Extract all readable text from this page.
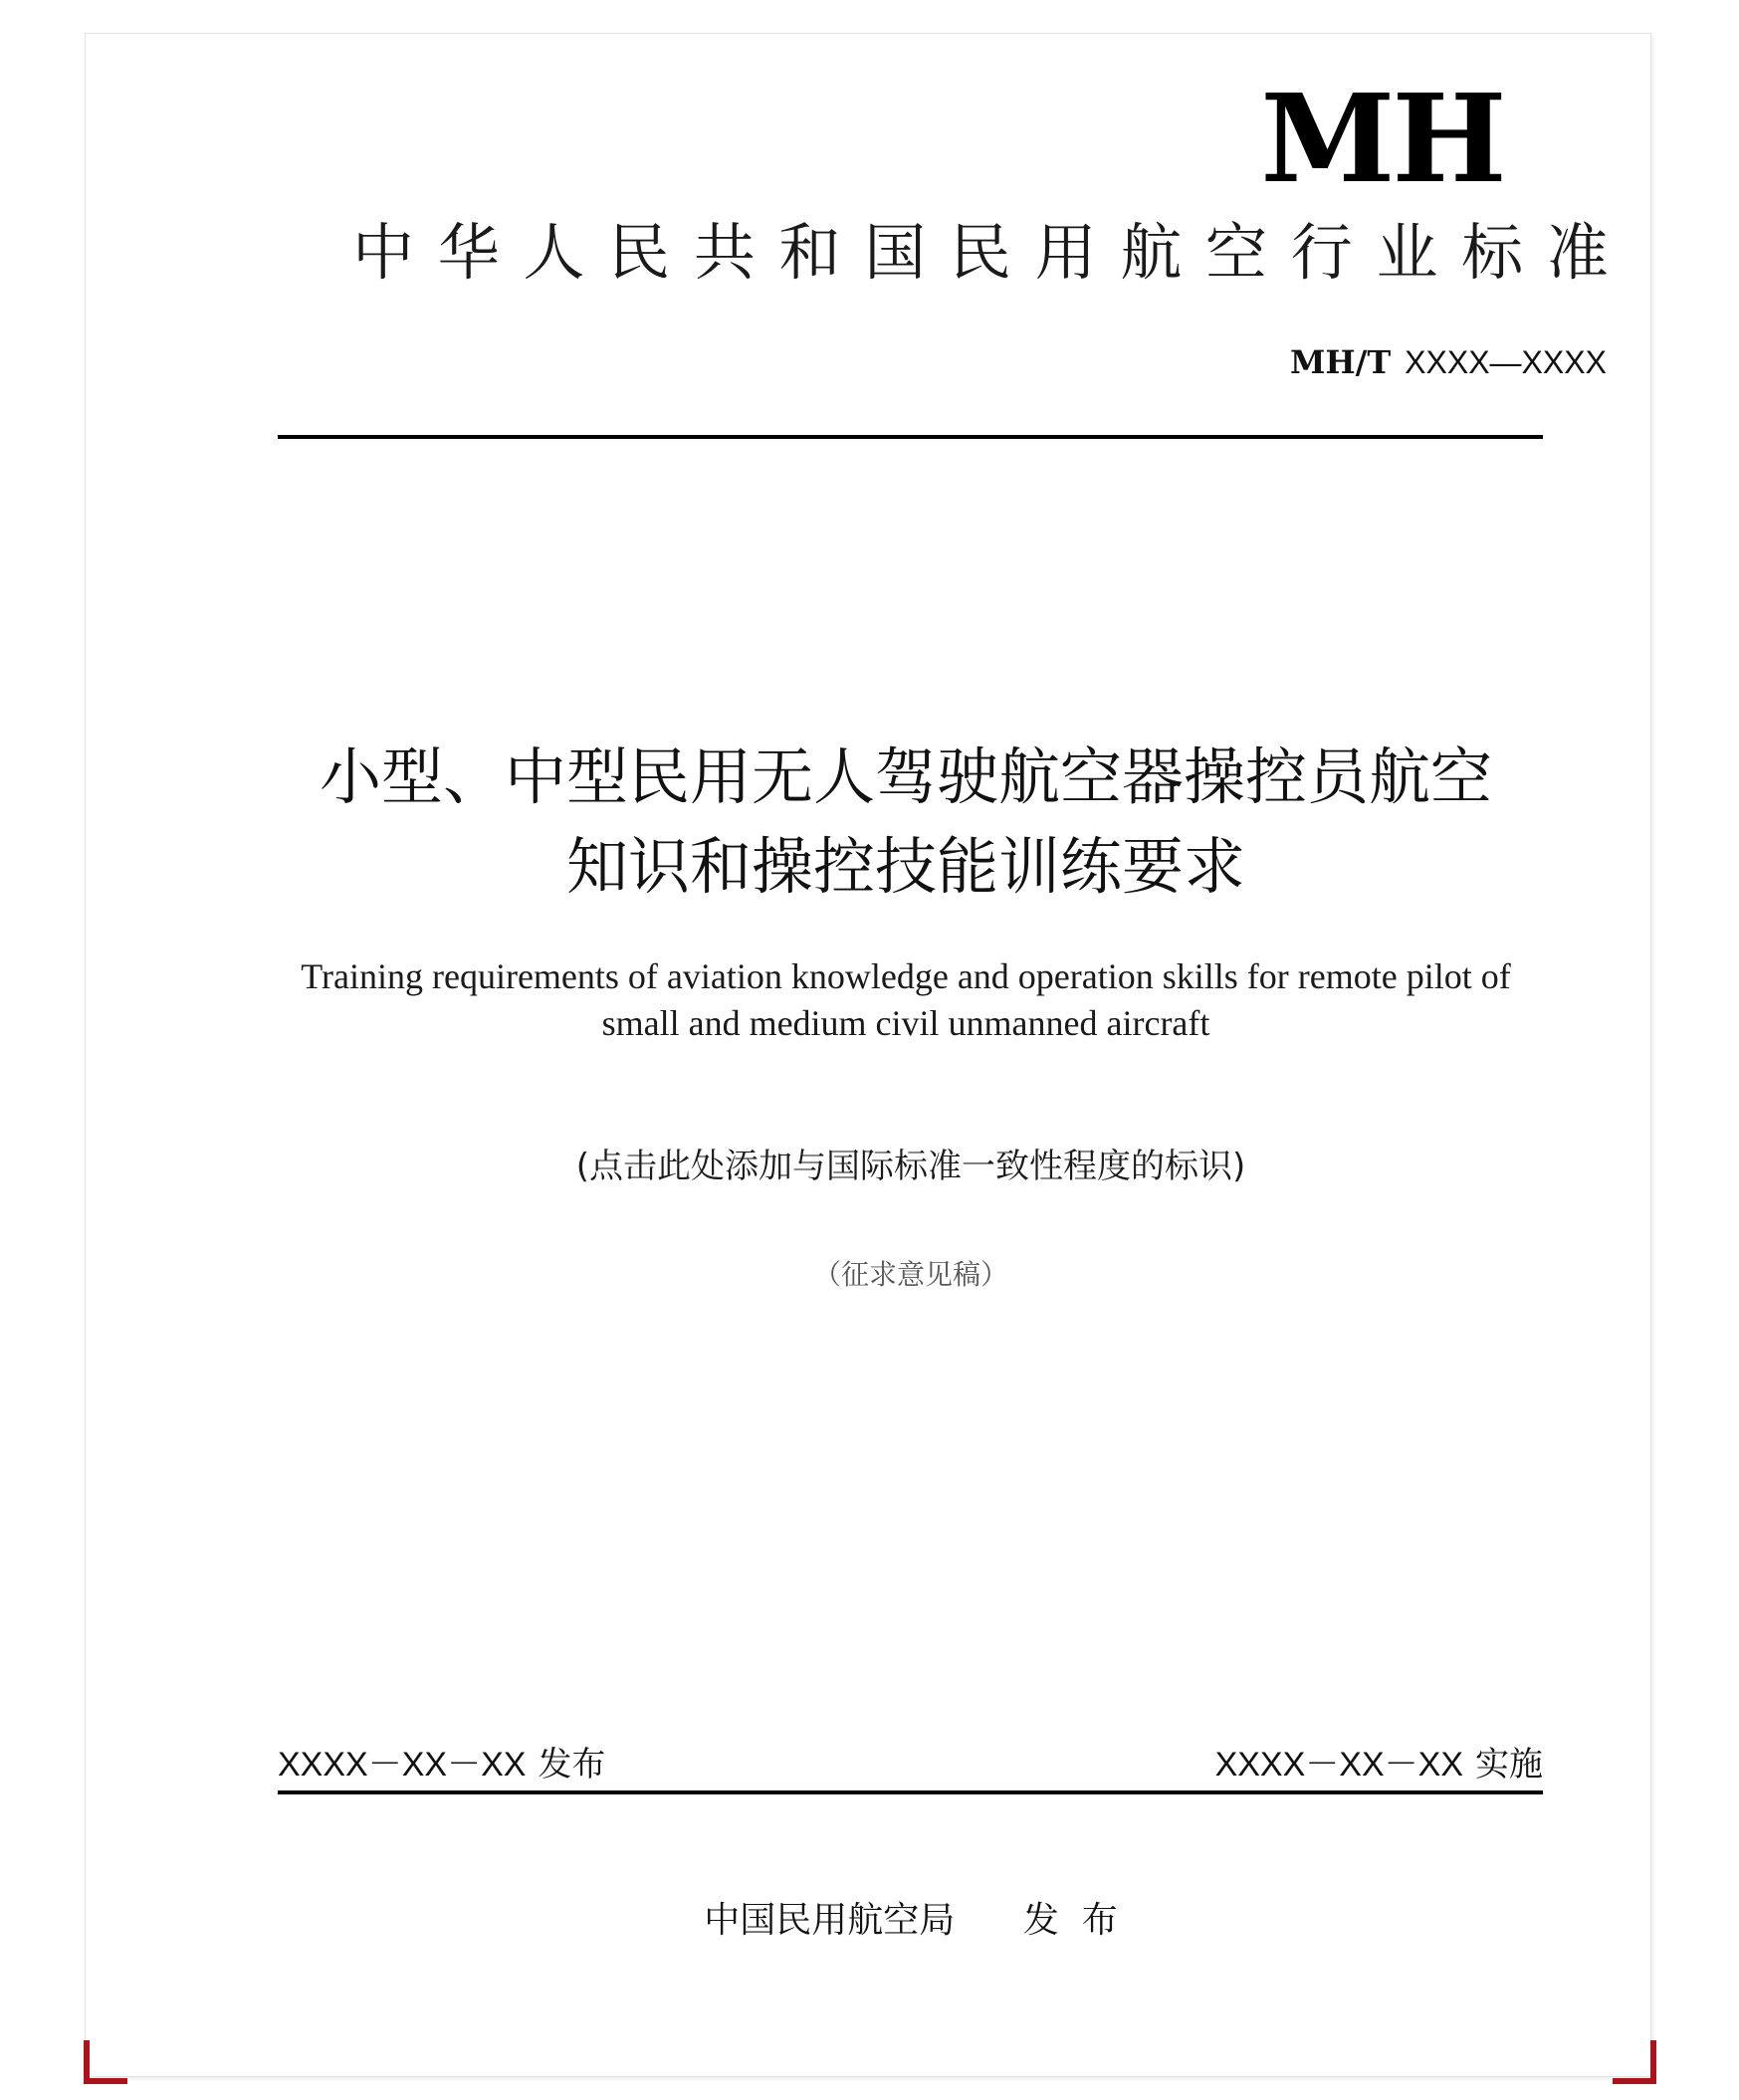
MH
中 华 人 民 共 和 国 民 用 航 空 行 业 标 准
MH/T XXXX—XXXX
小型、中型民用无人驾驶航空器操控员航空
知识和操控技能训练要求
Training requirements of aviation knowledge and operation skills for remote pilot of
small and medium civil unmanned aircraft
(点击此处添加与国际标准一致性程度的标识)
（征求意见稿）
XXXX－XX－XX 发布	XXXX－XX－XX 实施
中国民用航空局 发  布
